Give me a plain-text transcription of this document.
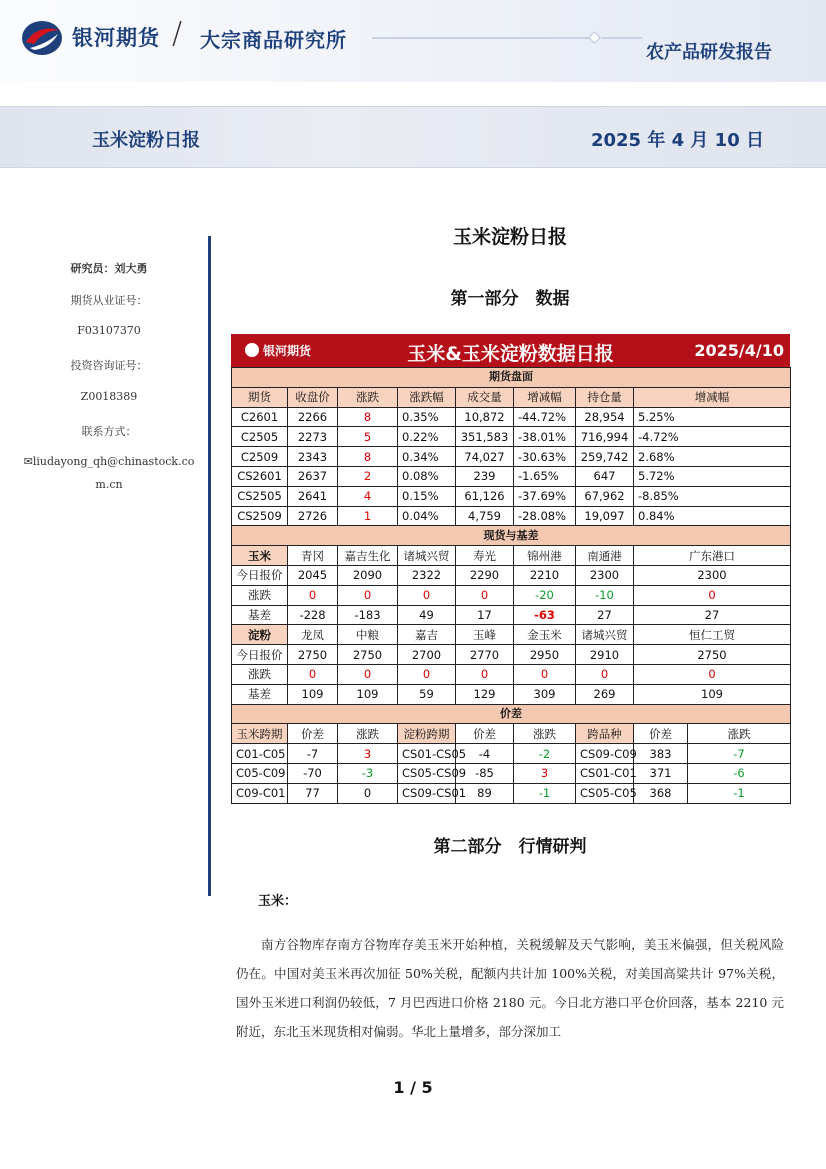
银河期货 / 大宗商品研究所
农产品研发报告
玉米淀粉日报	2025 年 4 月 10 日
研究员：刘大勇
期货从业证号：
F03107370
投资咨询证号：
Z0018389
联系方式：
✉liudayong_qh@chinastock.co
m.cn
玉米淀粉日报
第一部分　数据
银河期货	玉米&玉米淀粉数据日报	2025/4/10
期货盘面								
期货	收盘价	涨跌	涨跌幅	成交量	增减幅	持仓量	增减幅	
C2601	2266	8	0.35%	10,872	-44.72%	28,954	5.25%	
C2505	2273	5	0.22%	351,583	-38.01%	716,994	-4.72%	
C2509	2343	8	0.34%	74,027	-30.63%	259,742	2.68%	
CS2601	2637	2	0.08%	239	-1.65%	647	5.72%	
CS2505	2641	4	0.15%	61,126	-37.69%	67,962	-8.85%	
CS2509	2726	1	0.04%	4,759	-28.08%	19,097	0.84%	
现货与基差								
玉米	青冈	嘉吉生化	诸城兴贸	寿光	锦州港	南通港	广东港口	
今日报价	2045	2090	2322	2290	2210	2300	2300	
涨跌	0	0	0	0	-20	-10	0	
基差	-228	-183	49	17	-63	27	27	
淀粉	龙凤	中粮	嘉吉	玉峰	金玉米	诸城兴贸	恒仁工贸	
今日报价	2750	2750	2700	2770	2950	2910	2750	
涨跌	0	0	0	0	0	0	0	
基差	109	109	59	129	309	269	109	
价差								
玉米跨期	价差	涨跌	淀粉跨期	价差	涨跌	跨品种	价差	涨跌
C01-C05	-7	3	CS01-CS05	-4	-2	CS09-C09	383	-7
C05-C09	-70	-3	CS05-CS09	-85	3	CS01-C01	371	-6
C09-C01	77	0	CS09-CS01	89	-1	CS05-C05	368	-1
第二部分　行情研判
玉米：
南方谷物库存南方谷物库存美玉米开始种植，关税缓解及天气影响，美玉米偏强，但关税风险仍在。中国对美玉米再次加征 50%关税，配额内共计加 100%关税，对美国高粱共计 97%关税，国外玉米进口利润仍较低，7 月巴西进口价格 2180 元。今日北方港口平仓价回落，基本 2210 元附近，东北玉米现货相对偏弱。华北上量增多，部分深加工
1 / 5
